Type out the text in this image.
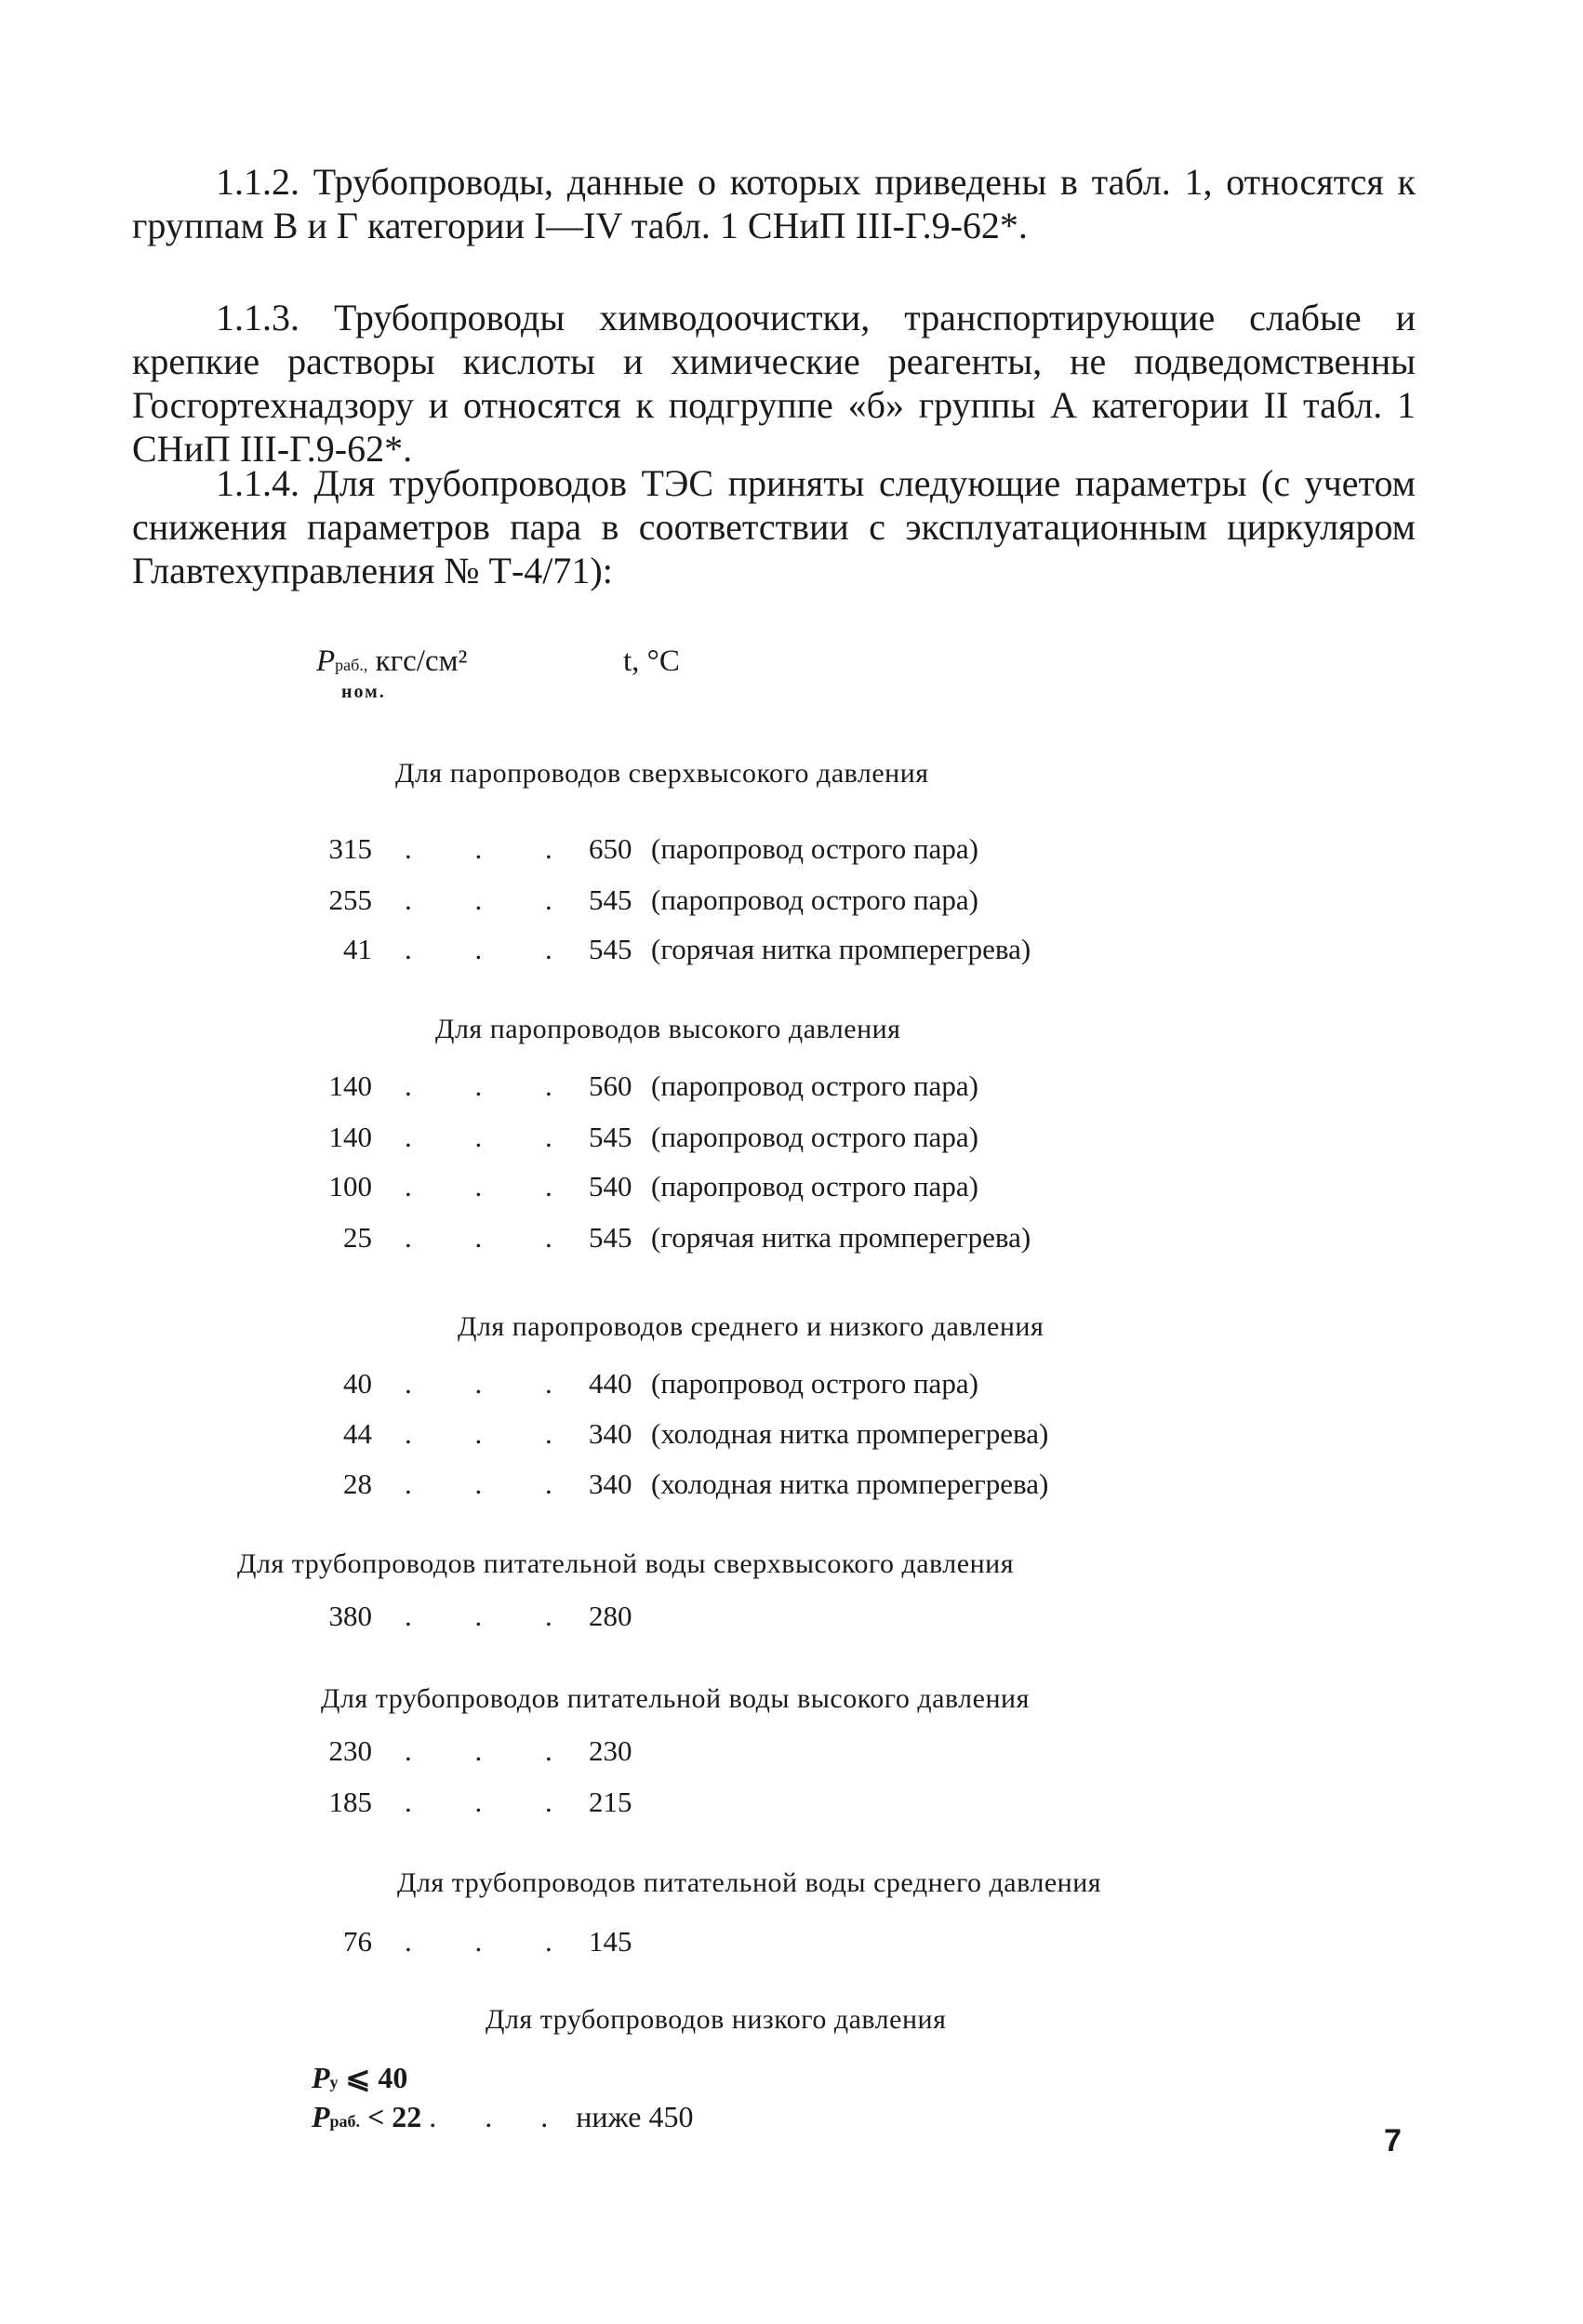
1.1.2. Трубопроводы, данные о которых приведены в табл. 1, относятся к группам В и Г категории I—IV табл. 1 СНиП III-Г.9-62*.

1.1.3. Трубопроводы химводоочистки, транспортирующие слабые и крепкие растворы кислоты и химические реагенты, не подведомственны Госгортехнадзору и относятся к подгруппе «б» группы А категории II табл. 1 СНиП III-Г.9-62*.

1.1.4. Для трубопроводов ТЭС приняты следующие параметры (с учетом снижения параметров пара в соответствии с эксплуатационным циркуляром Главтехуправления № Т-4/71):

Pраб., кгс/см²
ном.
t, °C
Для паропроводов сверхвысокого давления
315 . . . 650 (паропровод острого пара)
255 . . . 545 (паропровод острого пара)
41 . . . 545 (горячая нитка промперегрева)
Для паропроводов высокого давления
140 . . . 560 (паропровод острого пара)
140 . . . 545 (паропровод острого пара)
100 . . . 540 (паропровод острого пара)
25 . . . 545 (горячая нитка промперегрева)
Для паропроводов среднего и низкого давления
40 . . . 440 (паропровод острого пара)
44 . . . 340 (холодная нитка промперегрева)
28 . . . 340 (холодная нитка промперегрева)
Для трубопроводов питательной воды сверхвысокого давления
380 . . . 280
Для трубопроводов питательной воды высокого давления
230 . . . 230
185 . . . 215
Для трубопроводов питательной воды среднего давления
76 . . . 145
Для трубопроводов низкого давления
Pу ⩽ 40
Pраб. < 22 . . . ниже 450
7
